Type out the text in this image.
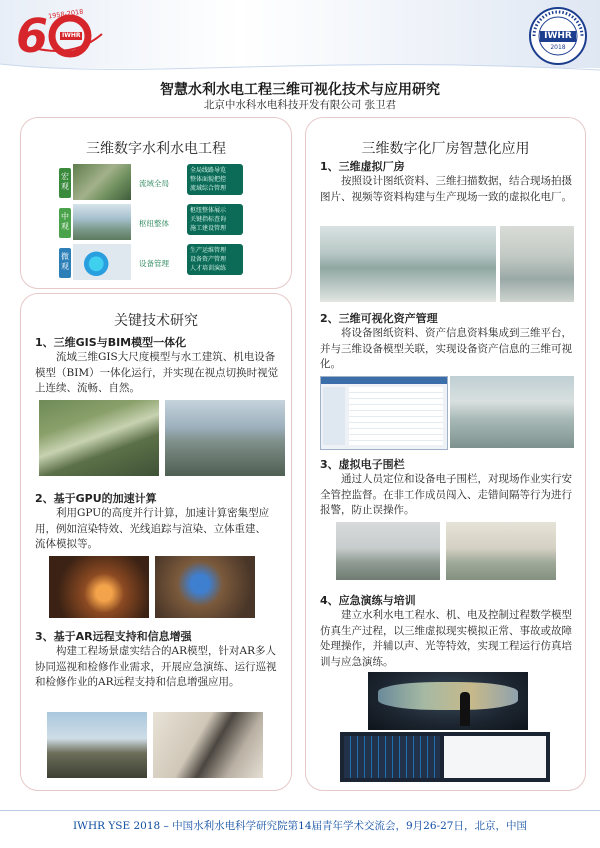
6 1958-2018
IWHR	IWHR
2018
智慧水利水电工程三维可视化技术与应用研究
北京中水科水电科技开发有限公司 张卫君
三维数字水利水电工程
宏观	流域全局
全局线路导览
整体面貌把控
流域综合管理
中观	枢纽整体
枢纽整体展示
关键指标查询
施工建设管理
微观	设备管理
生产运维管理
设备资产管理
人才培训演练
关键技术研究
1、三维GIS与BIM模型一体化
流域三维GIS大尺度模型与水工建筑、机电设备模型（BIM）一体化运行，并实现在视点切换时视觉上连续、流畅、自然。
2、基于GPU的加速计算
利用GPU的高度并行计算，加速计算密集型应用，例如渲染特效、光线追踪与渲染、立体重建、流体模拟等。
3、基于AR远程支持和信息增强
构建工程场景虚实结合的AR模型，针对AR多人协同巡视和检修作业需求，开展应急演练、运行巡视和检修作业的AR远程支持和信息增强应用。
三维数字化厂房智慧化应用
1、三维虚拟厂房
按照设计图纸资料、三维扫描数据，结合现场拍摄图片、视频等资料构建与生产现场一致的虚拟化电厂。
2、三维可视化资产管理
将设备图纸资料、资产信息资料集成到三维平台，并与三维设备模型关联，实现设备资产信息的三维可视化。
3、虚拟电子围栏
通过人员定位和设备电子围栏，对现场作业实行安全管控监督。在非工作成员闯入、走错间隔等行为进行报警，防止误操作。
4、应急演练与培训
建立水利水电工程水、机、电及控制过程数学模型仿真生产过程，以三维虚拟现实模拟正常、事故或故障处理操作，并辅以声、光等特效，实现工程运行仿真培训与应急演练。
IWHR YSE 2018 – 中国水利水电科学研究院第14届青年学术交流会，9月26-27日，北京，中国
